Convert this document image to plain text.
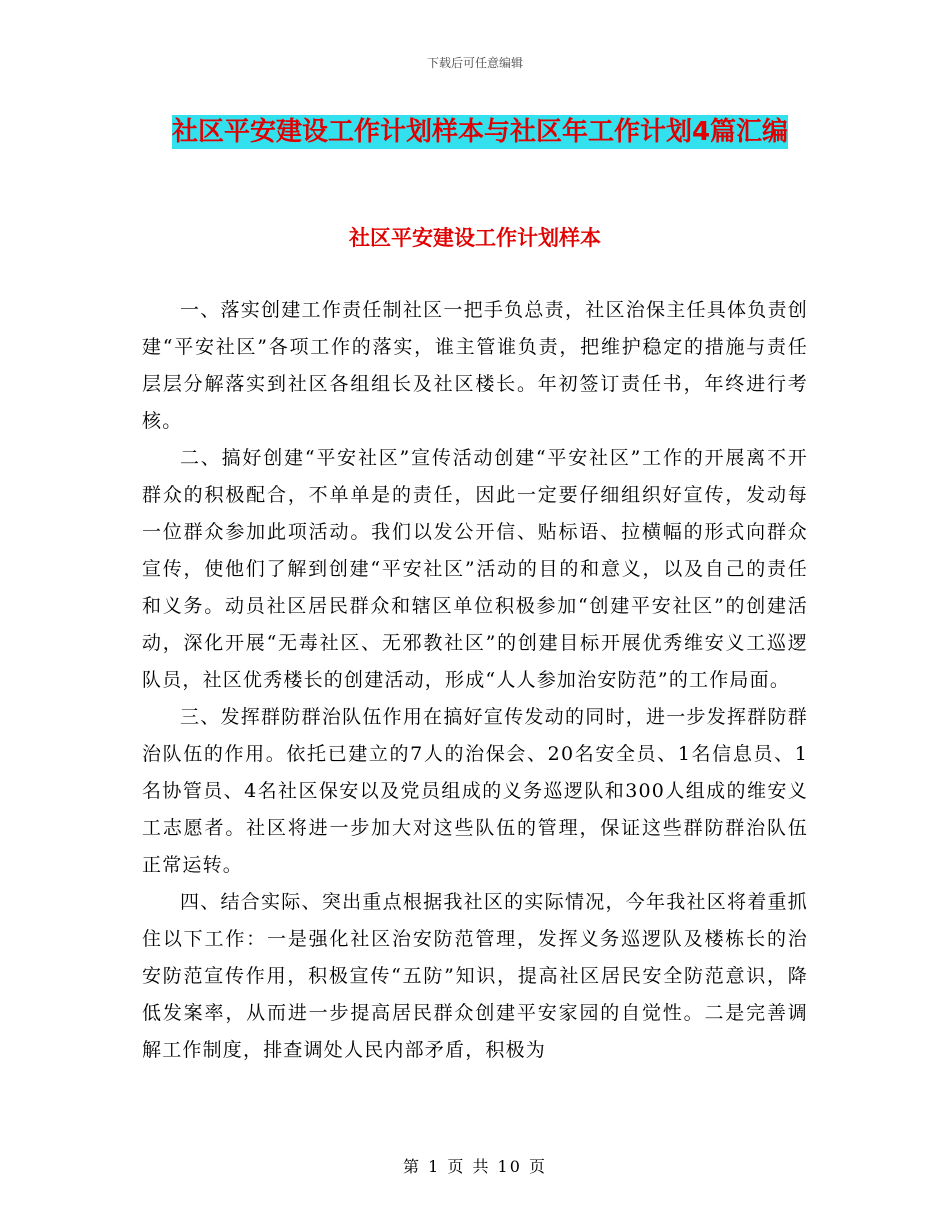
下载后可任意编辑
社区平安建设工作计划样本与社区年工作计划4篇汇编
社区平安建设工作计划样本

一、落实创建工作责任制社区一把手负总责，社区治保主任具体负责创建“平安社区”各项工作的落实，谁主管谁负责，把维护稳定的措施与责任层层分解落实到社区各组组长及社区楼长。年初签订责任书，年终进行考核。

二、搞好创建“平安社区”宣传活动创建“平安社区”工作的开展离不开群众的积极配合，不单单是的责任，因此一定要仔细组织好宣传，发动每一位群众参加此项活动。我们以发公开信、贴标语、拉横幅的形式向群众宣传，使他们了解到创建“平安社区”活动的目的和意义，以及自己的责任和义务。动员社区居民群众和辖区单位积极参加“创建平安社区”的创建活动，深化开展“无毒社区、无邪教社区”的创建目标开展优秀维安义工巡逻队员，社区优秀楼长的创建活动，形成“人人参加治安防范”的工作局面。

三、发挥群防群治队伍作用在搞好宣传发动的同时，进一步发挥群防群治队伍的作用。依托已建立的7人的治保会、20名安全员、1名信息员、1名协管员、4名社区保安以及党员组成的义务巡逻队和300人组成的维安义工志愿者。社区将进一步加大对这些队伍的管理，保证这些群防群治队伍正常运转。

四、结合实际、突出重点根据我社区的实际情况，今年我社区将着重抓住以下工作：一是强化社区治安防范管理，发挥义务巡逻队及楼栋长的治安防范宣传作用，积极宣传“五防”知识，提高社区居民安全防范意识，降低发案率，从而进一步提高居民群众创建平安家园的自觉性。二是完善调解工作制度，排查调处人民内部矛盾，积极为

第 1 页 共 10 页
